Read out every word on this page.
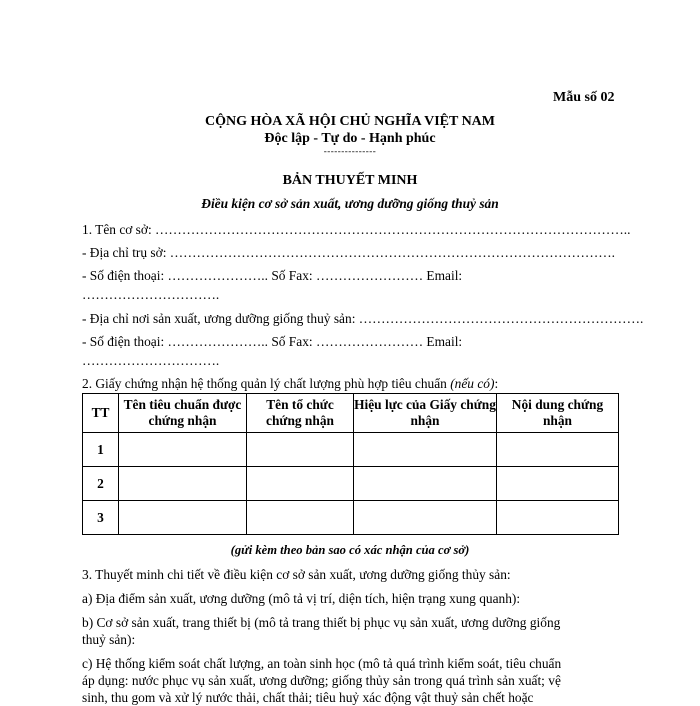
Mẫu số 02
CỘNG HÒA XÃ HỘI CHỦ NGHĨA VIỆT NAM
Độc lập - Tự do - Hạnh phúc
---------------
BẢN THUYẾT MINH
Điều kiện cơ sở sản xuất, ương dưỡng giống thuỷ sản
1. Tên cơ sở: ……………………………………………………………………………………………..
- Địa chỉ trụ sở: ……………………………………………………………………………………….
- Số điện thoại: ………………….. Số Fax: …………………… Email:
………………………….
- Địa chỉ nơi sản xuất, ương dưỡng giống thuỷ sản: ……………………………………………………….
- Số điện thoại: ………………….. Số Fax: …………………… Email:
………………………….
2. Giấy chứng nhận hệ thống quản lý chất lượng phù hợp tiêu chuẩn (nếu có):
TT	Tên tiêu chuẩn được chứng nhận	Tên tổ chức chứng nhận	Hiệu lực của Giấy chứng nhận	Nội dung chứng nhận
1				
2				
3				
(gửi kèm theo bản sao có xác nhận của cơ sở)
3. Thuyết minh chi tiết về điều kiện cơ sở sản xuất, ương dưỡng giống thủy sản:
a) Địa điểm sản xuất, ương dưỡng (mô tả vị trí, diện tích, hiện trạng xung quanh):
b) Cơ sở sản xuất, trang thiết bị (mô tả trang thiết bị phục vụ sản xuất, ương dưỡng giống
thuỷ sản):
c) Hệ thống kiểm soát chất lượng, an toàn sinh học (mô tả quá trình kiểm soát, tiêu chuẩn
áp dụng: nước phục vụ sản xuất, ương dưỡng; giống thủy sản trong quá trình sản xuất; vệ
sinh, thu gom và xử lý nước thải, chất thải; tiêu huỷ xác động vật thuỷ sản chết hoặc
